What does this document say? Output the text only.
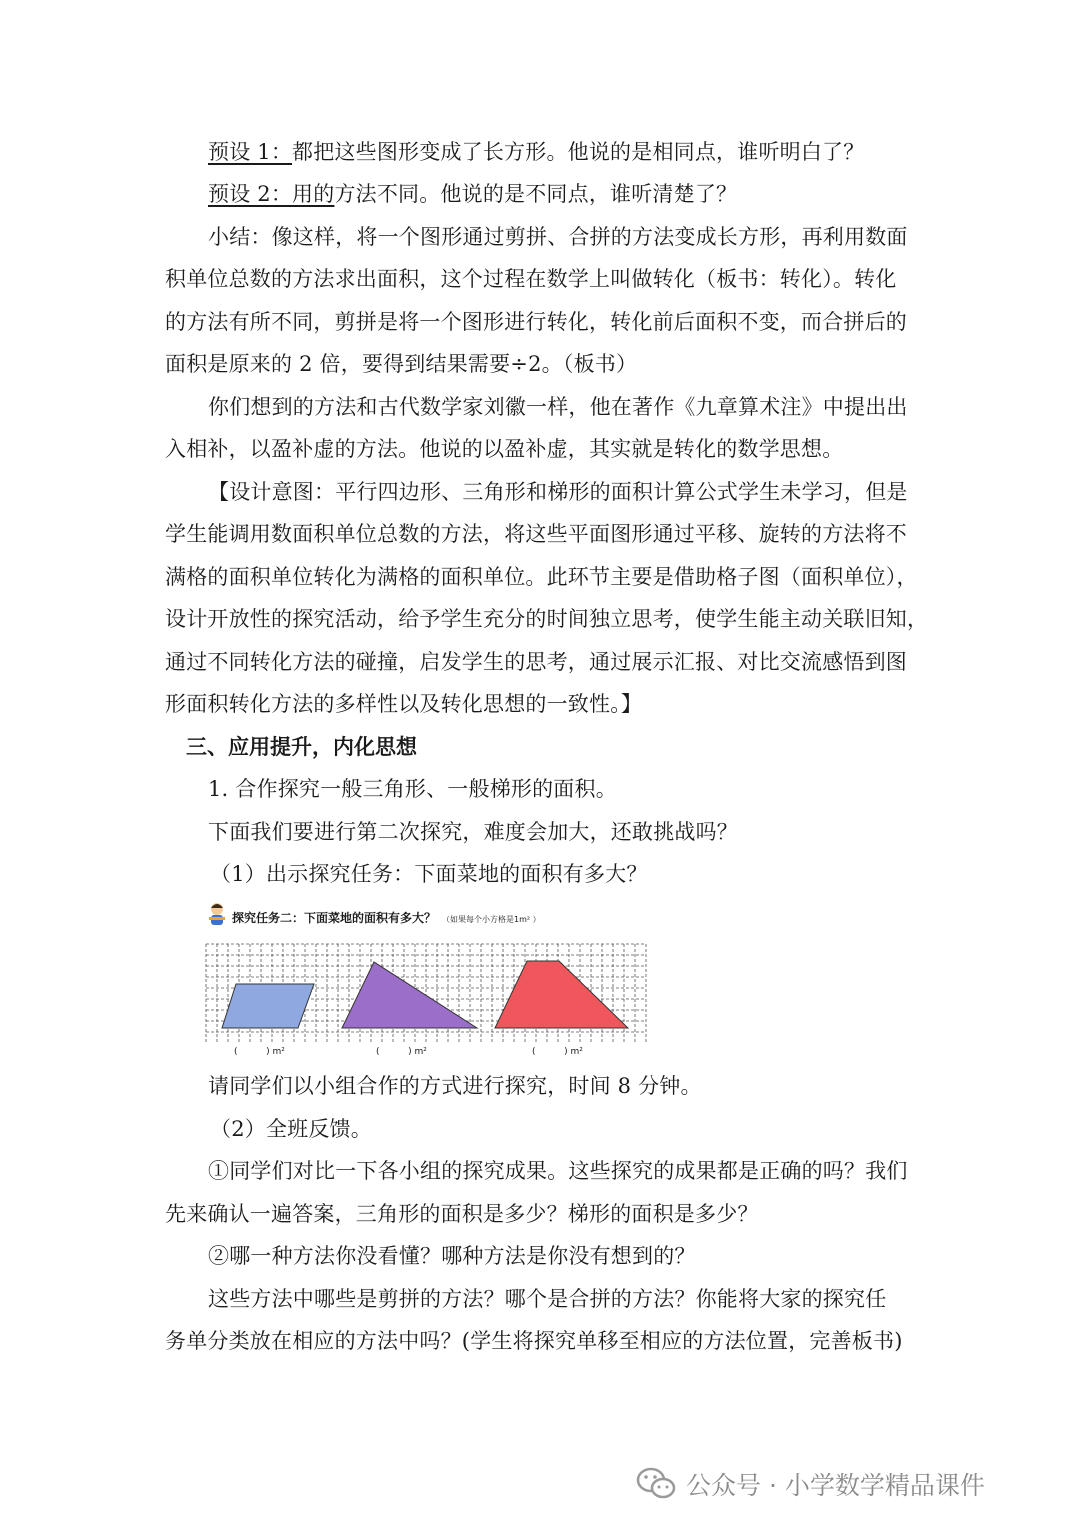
预设 1：都把这些图形变成了长方形。他说的是相同点，谁听明白了？
预设 2：用的方法不同。他说的是不同点，谁听清楚了？
小结：像这样，将一个图形通过剪拼、合拼的方法变成长方形，再利用数面
积单位总数的方法求出面积，这个过程在数学上叫做转化（板书：转化）。转化
的方法有所不同，剪拼是将一个图形进行转化，转化前后面积不变，而合拼后的
面积是原来的 2 倍，要得到结果需要÷2。（板书）
你们想到的方法和古代数学家刘徽一样，他在著作《九章算术注》中提出出
入相补，以盈补虚的方法。他说的以盈补虚，其实就是转化的数学思想。
【设计意图：平行四边形、三角形和梯形的面积计算公式学生未学习，但是
学生能调用数面积单位总数的方法，将这些平面图形通过平移、旋转的方法将不
满格的面积单位转化为满格的面积单位。此环节主要是借助格子图（面积单位），
设计开放性的探究活动，给予学生充分的时间独立思考，使学生能主动关联旧知，
通过不同转化方法的碰撞，启发学生的思考，通过展示汇报、对比交流感悟到图
形面积转化方法的多样性以及转化思想的一致性。】
三、应用提升，内化思想
1. 合作探究一般三角形、一般梯形的面积。
下面我们要进行第二次探究，难度会加大，还敢挑战吗？
（1）出示探究任务：下面菜地的面积有多大？
探究任务二：下面菜地的面积有多大？ （如果每个小方格是1m² ）
(          ) m²	(          ) m²	(          ) m²
请同学们以小组合作的方式进行探究，时间 8 分钟。
（2）全班反馈。
①同学们对比一下各小组的探究成果。这些探究的成果都是正确的吗？我们
先来确认一遍答案，三角形的面积是多少？梯形的面积是多少？
②哪一种方法你没看懂？哪种方法是你没有想到的？
这些方法中哪些是剪拼的方法？哪个是合拼的方法？你能将大家的探究任
务单分类放在相应的方法中吗？(学生将探究单移至相应的方法位置，完善板书)
公众号 · 小学数学精品课件
